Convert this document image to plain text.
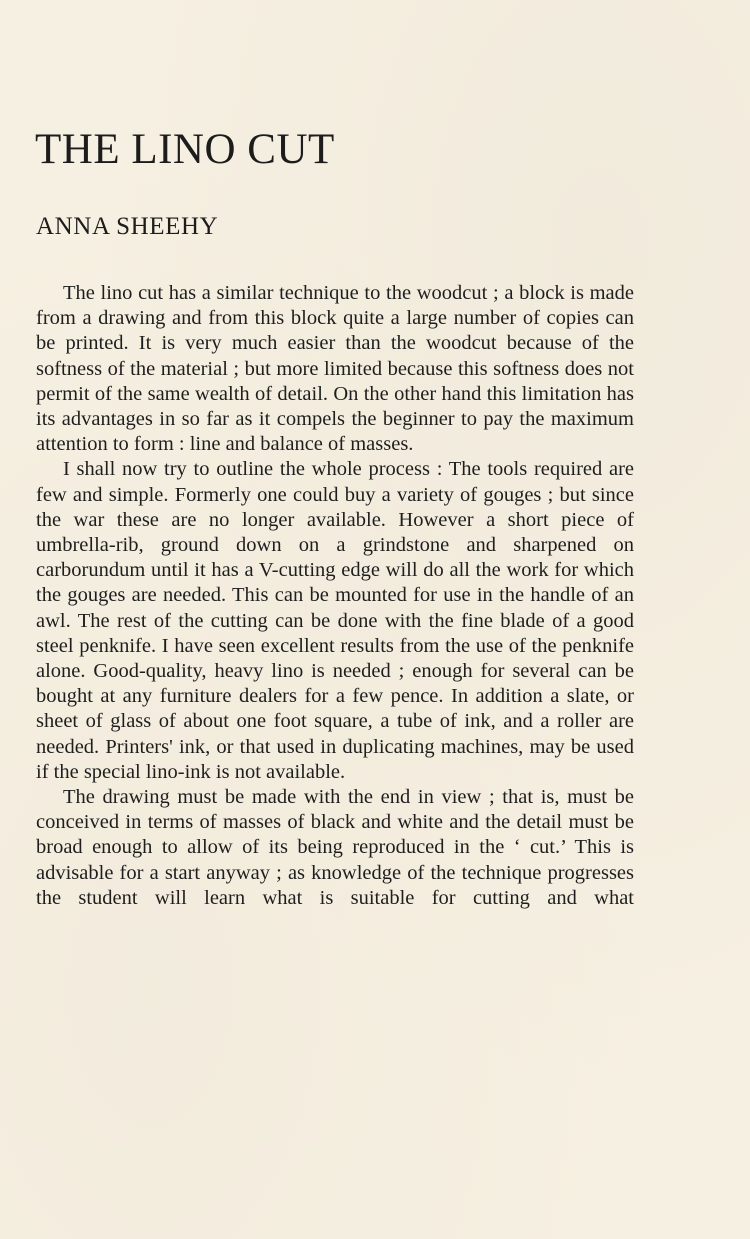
THE LINO CUT
ANNA SHEEHY

The lino cut has a similar technique to the woodcut ; a block is made from a drawing and from this block quite a large number of copies can be printed. It is very much easier than the woodcut because of the softness of the material ; but more limited because this softness does not permit of the same wealth of detail. On the other hand this limitation has its advantages in so far as it compels the beginner to pay the maximum attention to form : line and balance of masses.

I shall now try to outline the whole process : The tools required are few and simple. Formerly one could buy a variety of gouges ; but since the war these are no longer available. However a short piece of umbrella-rib, ground down on a grindstone and sharpened on carborundum until it has a V-cutting edge will do all the work for which the gouges are needed. This can be mounted for use in the handle of an awl. The rest of the cutting can be done with the fine blade of a good steel penknife. I have seen excellent results from the use of the penknife alone. Good-quality, heavy lino is needed ; enough for several can be bought at any furniture dealers for a few pence. In addition a slate, or sheet of glass of about one foot square, a tube of ink, and a roller are needed. Printers' ink, or that used in duplicating machines, may be used if the special lino-ink is not available.

The drawing must be made with the end in view ; that is, must be conceived in terms of masses of black and white and the detail must be broad enough to allow of its being reproduced in the ‘ cut.’ This is advisable for a start anyway ; as knowledge of the technique progresses the student will learn what is suitable for cutting and what
